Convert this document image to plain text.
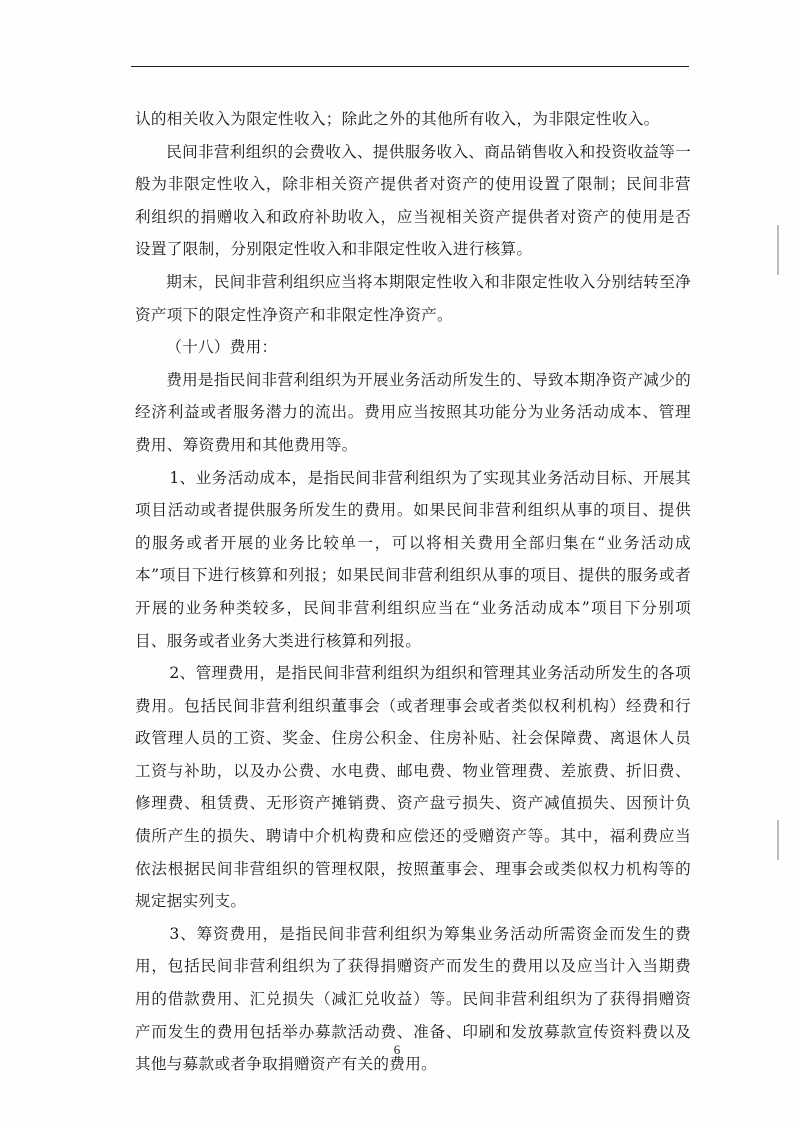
认的相关收入为限定性收入；除此之外的其他所有收入，为非限定性收入。

民间非营利组织的会费收入、提供服务收入、商品销售收入和投资收益等一般为非限定性收入，除非相关资产提供者对资产的使用设置了限制；民间非营利组织的捐赠收入和政府补助收入，应当视相关资产提供者对资产的使用是否设置了限制，分别限定性收入和非限定性收入进行核算。

期末，民间非营利组织应当将本期限定性收入和非限定性收入分别结转至净资产项下的限定性净资产和非限定性净资产。

（十八）费用：

费用是指民间非营利组织为开展业务活动所发生的、导致本期净资产减少的经济利益或者服务潜力的流出。费用应当按照其功能分为业务活动成本、管理费用、筹资费用和其他费用等。

1、业务活动成本，是指民间非营利组织为了实现其业务活动目标、开展其项目活动或者提供服务所发生的费用。如果民间非营利组织从事的项目、提供的服务或者开展的业务比较单一，可以将相关费用全部归集在“业务活动成本”项目下进行核算和列报；如果民间非营利组织从事的项目、提供的服务或者开展的业务种类较多，民间非营利组织应当在“业务活动成本”项目下分别项目、服务或者业务大类进行核算和列报。

2、管理费用，是指民间非营利组织为组织和管理其业务活动所发生的各项费用。包括民间非营利组织董事会（或者理事会或者类似权利机构）经费和行政管理人员的工资、奖金、住房公积金、住房补贴、社会保障费、离退休人员工资与补助，以及办公费、水电费、邮电费、物业管理费、差旅费、折旧费、修理费、租赁费、无形资产摊销费、资产盘亏损失、资产减值损失、因预计负债所产生的损失、聘请中介机构费和应偿还的受赠资产等。其中，福利费应当依法根据民间非营组织的管理权限，按照董事会、理事会或类似权力机构等的规定据实列支。

3、筹资费用，是指民间非营利组织为筹集业务活动所需资金而发生的费用，包括民间非营利组织为了获得捐赠资产而发生的费用以及应当计入当期费用的借款费用、汇兑损失（减汇兑收益）等。民间非营利组织为了获得捐赠资产而发生的费用包括举办募款活动费、准备、印刷和发放募款宣传资料费以及其他与募款或者争取捐赠资产有关的费用。

6
